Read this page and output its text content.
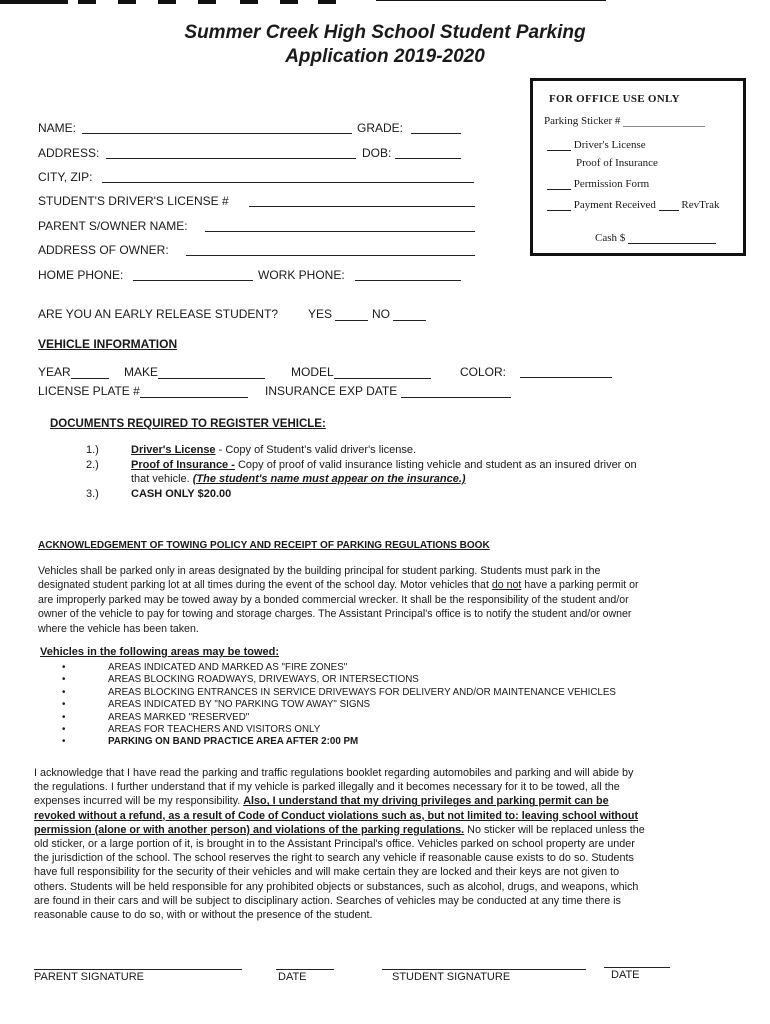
Summer Creek High School Student Parking
Application 2019-2020
FOR OFFICE USE ONLY
Parking Sticker #
Driver's License
Proof of Insurance
Permission Form
Payment Received RevTrak
Cash $
NAME:	GRADE:
ADDRESS:	DOB:
CITY, ZIP:
STUDENT'S DRIVER'S LICENSE #
PARENT S/OWNER NAME:
ADDRESS OF OWNER:
HOME PHONE:	WORK PHONE:
ARE YOU AN EARLY RELEASE STUDENT? YES	NO
VEHICLE INFORMATION
YEAR	MAKE	MODEL	COLOR:
LICENSE PLATE #	INSURANCE EXP DATE
DOCUMENTS REQUIRED TO REGISTER VEHICLE:
1.)	Driver's License - Copy of Student's valid driver's license.
2.)	Proof of Insurance - Copy of proof of valid insurance listing vehicle and student as an insured driver on
that vehicle. (The student's name must appear on the insurance.)
3.)	CASH ONLY $20.00
ACKNOWLEDGEMENT OF TOWING POLICY AND RECEIPT OF PARKING REGULATIONS BOOK
Vehicles shall be parked only in areas designated by the building principal for student parking. Students must park in the
designated student parking lot at all times during the event of the school day. Motor vehicles that do not have a parking permit or
are improperly parked may be towed away by a bonded commercial wrecker. It shall be the responsibility of the student and/or
owner of the vehicle to pay for towing and storage charges. The Assistant Principal's office is to notify the student and/or owner
where the vehicle has been taken.
Vehicles in the following areas may be towed:
•	AREAS INDICATED AND MARKED AS "FIRE ZONES"
•	AREAS BLOCKING ROADWAYS, DRIVEWAYS, OR INTERSECTIONS
•	AREAS BLOCKING ENTRANCES IN SERVICE DRIVEWAYS FOR DELIVERY AND/OR MAINTENANCE VEHICLES
•	AREAS INDICATED BY "NO PARKING TOW AWAY" SIGNS
•	AREAS MARKED "RESERVED"
•	AREAS FOR TEACHERS AND VISITORS ONLY
•	PARKING ON BAND PRACTICE AREA AFTER 2:00 PM
I acknowledge that I have read the parking and traffic regulations booklet regarding automobiles and parking and will abide by
the regulations. I further understand that if my vehicle is parked illegally and it becomes necessary for it to be towed, all the
expenses incurred will be my responsibility. Also, I understand that my driving privileges and parking permit can be
revoked without a refund, as a result of Code of Conduct violations such as, but not limited to: leaving school without
permission (alone or with another person) and violations of the parking regulations. No sticker will be replaced unless the
old sticker, or a large portion of it, is brought in to the Assistant Principal's office. Vehicles parked on school property are under
the jurisdiction of the school. The school reserves the right to search any vehicle if reasonable cause exists to do so. Students
have full responsibility for the security of their vehicles and will make certain they are locked and their keys are not given to
others. Students will be held responsible for any prohibited objects or substances, such as alcohol, drugs, and weapons, which
are found in their cars and will be subject to disciplinary action. Searches of vehicles may be conducted at any time there is
reasonable cause to do so, with or without the presence of the student.
PARENT SIGNATURE	DATE	STUDENT SIGNATURE	DATE
